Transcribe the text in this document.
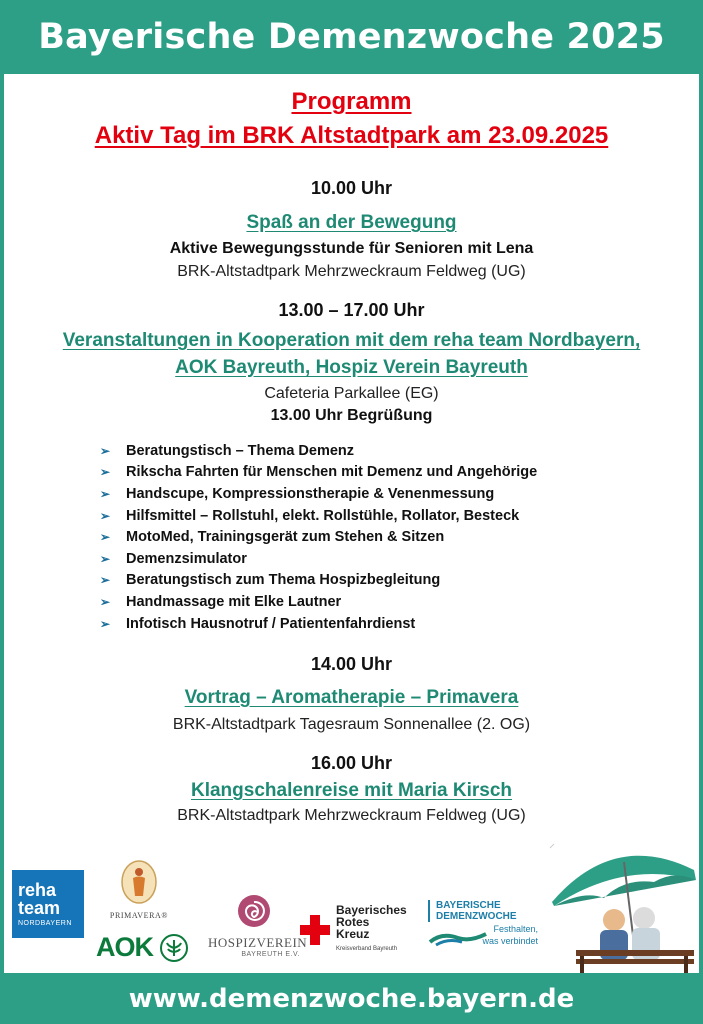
Bayerische Demenzwoche 2025
Programm
Aktiv Tag im BRK Altstadtpark am 23.09.2025
10.00 Uhr
Spaß an der Bewegung
Aktive Bewegungsstunde für Senioren mit Lena
BRK-Altstadtpark Mehrzweckraum Feldweg (UG)
13.00 – 17.00 Uhr
Veranstaltungen in Kooperation mit dem reha team Nordbayern,
AOK Bayreuth, Hospiz Verein Bayreuth
Cafeteria Parkallee (EG)
13.00 Uhr Begrüßung
➢	Beratungstisch – Thema Demenz
➢	Rikscha Fahrten für Menschen mit Demenz und Angehörige
➢	Handscupe, Kompressionstherapie & Venenmessung
➢	Hilfsmittel – Rollstuhl, elekt. Rollstühle, Rollator, Besteck
➢	MotoMed, Trainingsgerät zum Stehen & Sitzen
➢	Demenzsimulator
➢	Beratungstisch zum Thema Hospizbegleitung
➢	Handmassage mit Elke Lautner
➢	Infotisch Hausnotruf / Patientenfahrdienst
14.00 Uhr
Vortrag – Aromatherapie – Primavera
BRK-Altstadtpark Tagesraum Sonnenallee (2. OG)
16.00 Uhr
Klangschalenreise mit Maria Kirsch
BRK-Altstadtpark Mehrzweckraum Feldweg (UG)
reha
team
NORDBAYERN
PRIMAVERA®
AOK	HOSPIZVEREIN
BAYREUTH E.V.
Bayerisches
Rotes
Kreuz
Kreisverband Bayreuth
BAYERISCHE
DEMENZWOCHE
Festhalten,
was verbindet
www.demenzwoche.bayern.de
